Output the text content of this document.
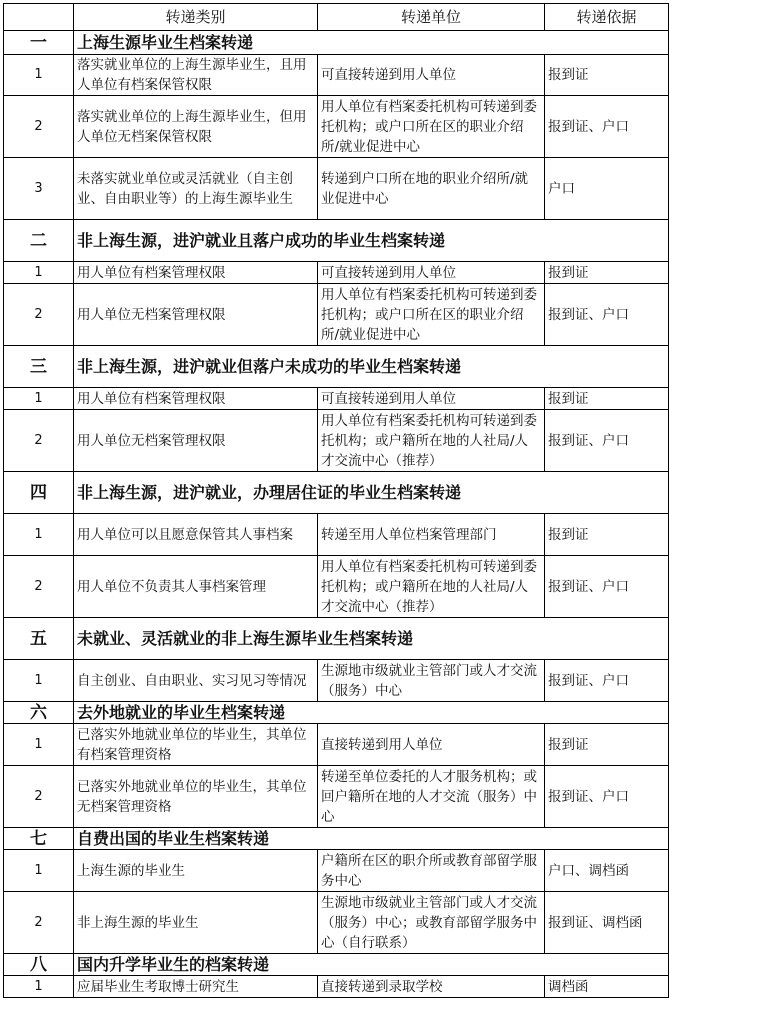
	转递类别	转递单位	转递依据
一	上海生源毕业生档案转递		
1	落实就业单位的上海生源毕业生，且用人单位有档案保管权限	可直接转递到用人单位	报到证
2	落实就业单位的上海生源毕业生，但用人单位无档案保管权限	用人单位有档案委托机构可转递到委托机构；或户口所在区的职业介绍所/就业促进中心	报到证、户口
3	未落实就业单位或灵活就业（自主创业、自由职业等）的上海生源毕业生	转递到户口所在地的职业介绍所/就业促进中心	户口
二	非上海生源，进沪就业且落户成功的毕业生档案转递		
1	用人单位有档案管理权限	可直接转递到用人单位	报到证
2	用人单位无档案管理权限	用人单位有档案委托机构可转递到委托机构；或户口所在区的职业介绍所/就业促进中心	报到证、户口
三	非上海生源，进沪就业但落户未成功的毕业生档案转递		
1	用人单位有档案管理权限	可直接转递到用人单位	报到证
2	用人单位无档案管理权限	用人单位有档案委托机构可转递到委托机构；或户籍所在地的人社局/人才交流中心（推荐）	报到证、户口
四	非上海生源，进沪就业，办理居住证的毕业生档案转递		
1	用人单位可以且愿意保管其人事档案	转递至用人单位档案管理部门	报到证
2	用人单位不负责其人事档案管理	用人单位有档案委托机构可转递到委托机构；或户籍所在地的人社局/人才交流中心（推荐）	报到证、户口
五	未就业、灵活就业的非上海生源毕业生档案转递		
1	自主创业、自由职业、实习见习等情况	生源地市级就业主管部门或人才交流（服务）中心	报到证、户口
六	去外地就业的毕业生档案转递		
1	已落实外地就业单位的毕业生，其单位有档案管理资格	直接转递到用人单位	报到证
2	已落实外地就业单位的毕业生，其单位无档案管理资格	转递至单位委托的人才服务机构；或回户籍所在地的人才交流（服务）中心	报到证、户口
七	自费出国的毕业生档案转递		
1	上海生源的毕业生	户籍所在区的职介所或教育部留学服务中心	户口、调档函
2	非上海生源的毕业生	生源地市级就业主管部门或人才交流（服务）中心；或教育部留学服务中心（自行联系）	报到证、调档函
八	国内升学毕业生的档案转递		
1	应届毕业生考取博士研究生	直接转递到录取学校	调档函
